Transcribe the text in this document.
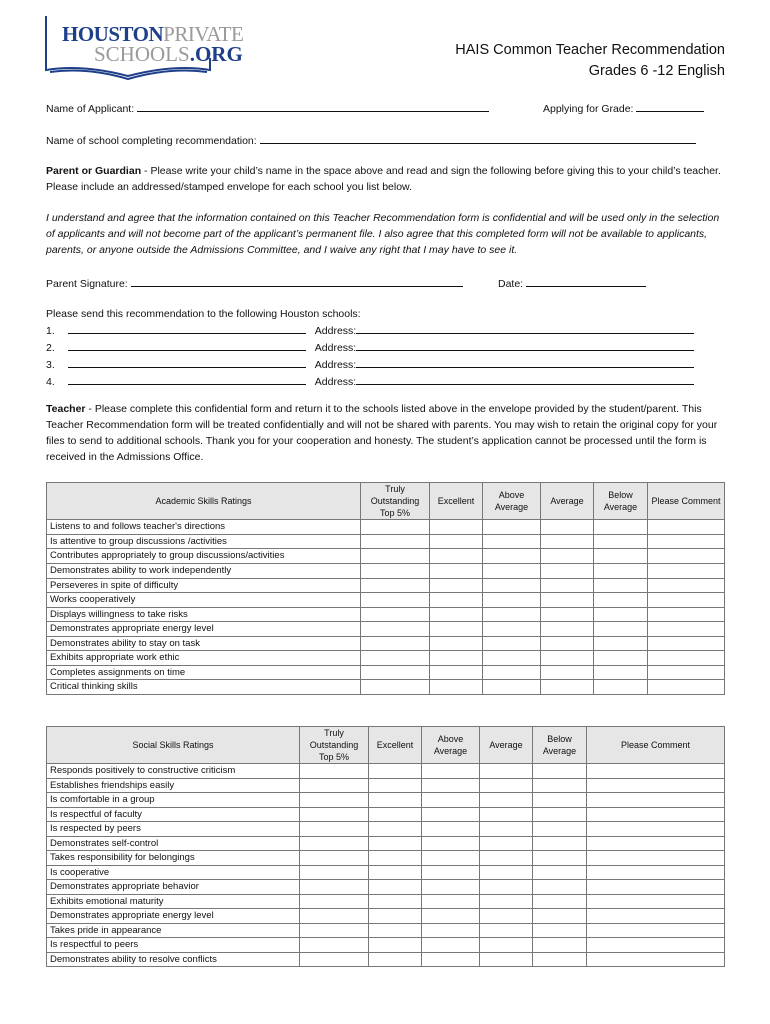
HOUSTONPRIVATE
SCHOOLS.ORG	HAIS Common Teacher Recommendation
Grades 6 -12 English
Name of Applicant:	Applying for Grade:
Name of school completing recommendation:
Parent or Guardian - Please write your child’s name in the space above and read and sign the following before giving this to your child’s teacher. Please include an addressed/stamped envelope for each school you list below.
I understand and agree that the information contained on this Teacher Recommendation form is confidential and will be used only in the selection of applicants and will not become part of the applicant’s permanent file. I also agree that this completed form will not be available to applicants, parents, or anyone outside the Admissions Committee, and I waive any right that I may have to see it.
Parent Signature:	Date:
Please send this recommendation to the following Houston schools:
1.	Address:
2.	Address:
3.	Address:
4.	Address:
Teacher - Please complete this confidential form and return it to the schools listed above in the envelope provided by the student/parent. This Teacher Recommendation form will be treated confidentially and will not be shared with parents. You may wish to retain the original copy for your files to send to additional schools. Thank you for your cooperation and honesty. The student’s application cannot be processed until the form is received in the Admissions Office.
Academic Skills Ratings	Truly Outstanding Top 5%	Excellent	Above Average	Average	Below Average	Please Comment
Listens to and follows teacher's directions						
Is attentive to group discussions /activities						
Contributes appropriately to group discussions/activities						
Demonstrates ability to work independently						
Perseveres in spite of difficulty						
Works cooperatively						
Displays willingness to take risks						
Demonstrates appropriate energy level						
Demonstrates ability to stay on task						
Exhibits appropriate work ethic						
Completes assignments on time						
Critical thinking skills						
Social Skills Ratings	Truly Outstanding Top 5%	Excellent	Above Average	Average	Below Average	Please Comment
Responds positively to constructive criticism						
Establishes friendships easily						
Is comfortable in a group						
Is respectful of faculty						
Is respected by peers						
Demonstrates self-control						
Takes responsibility for belongings						
Is cooperative						
Demonstrates appropriate behavior						
Exhibits emotional maturity						
Demonstrates appropriate energy level						
Takes pride in appearance						
Is respectful to peers						
Demonstrates ability to resolve conflicts						
